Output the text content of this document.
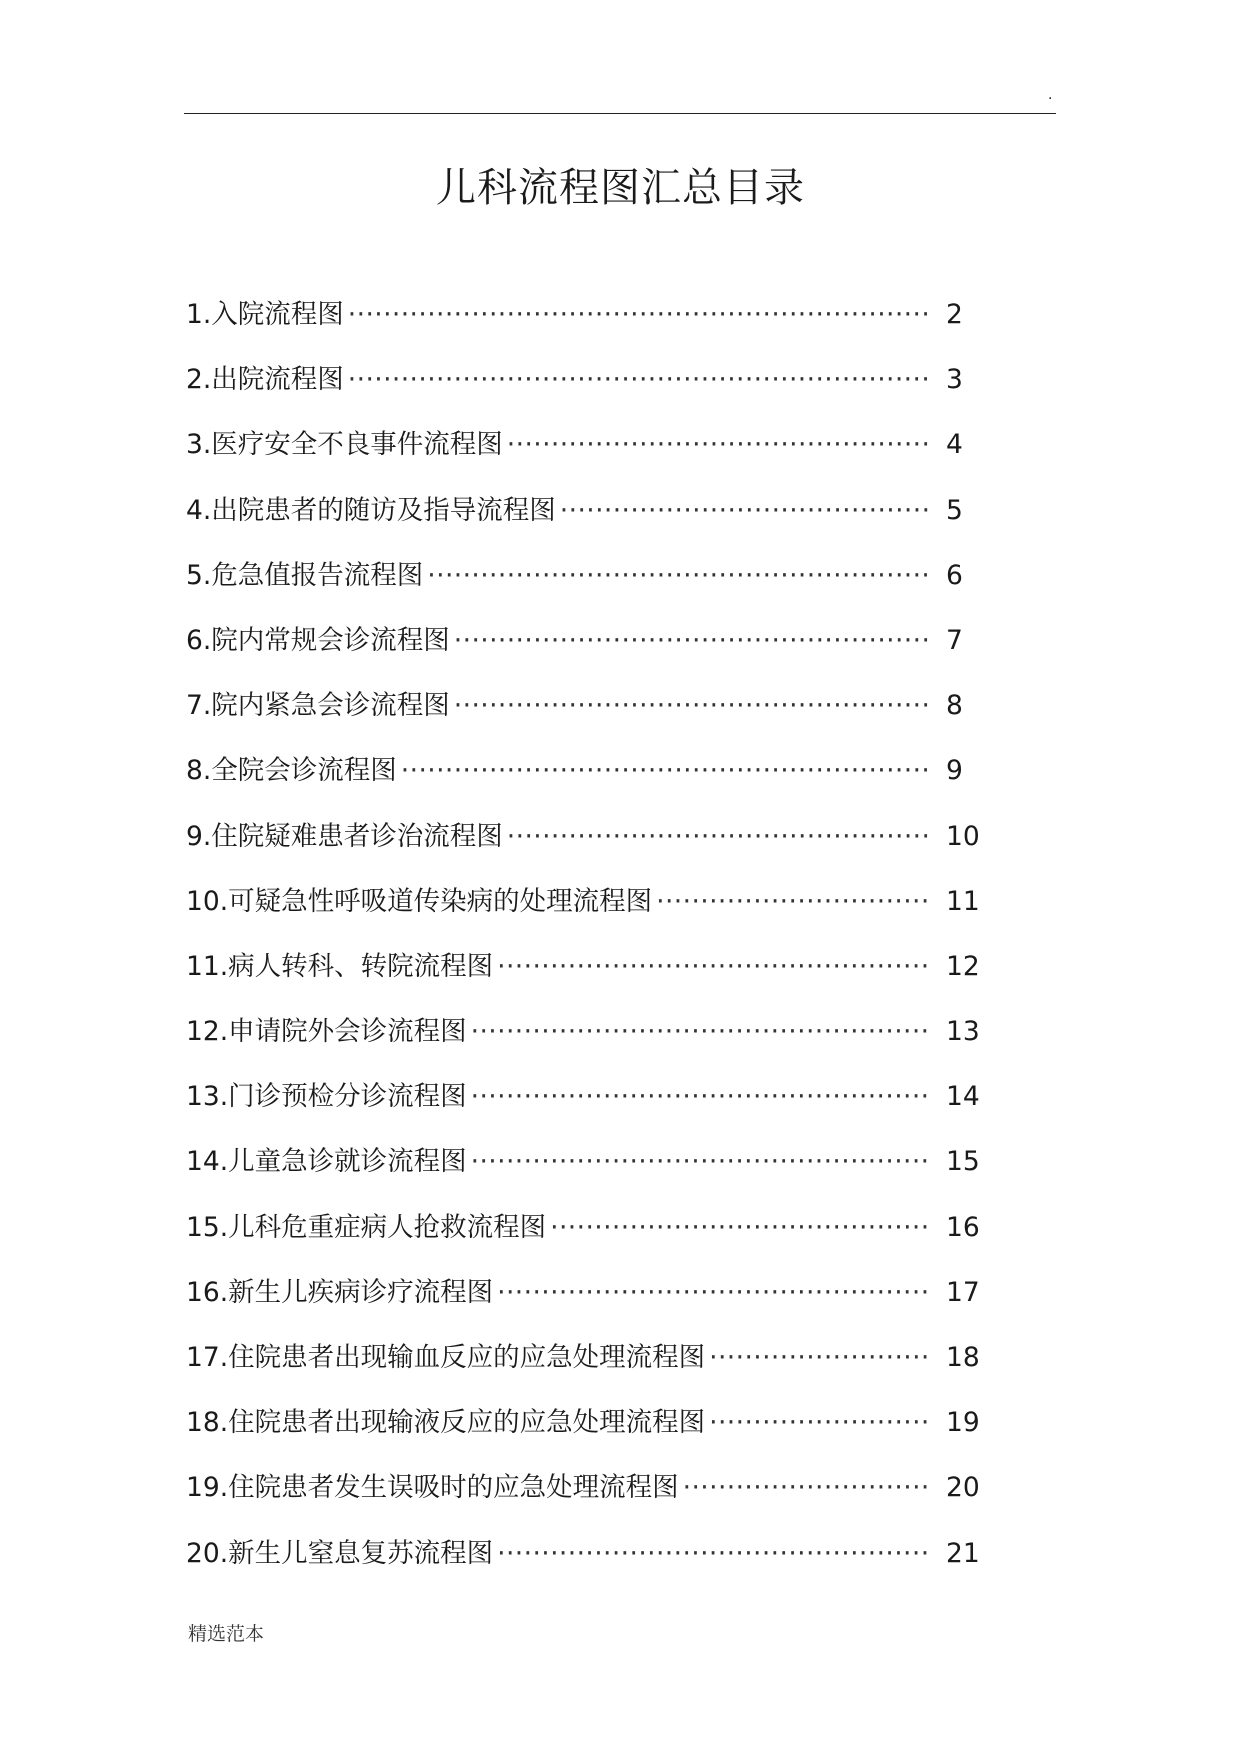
.
儿科流程图汇总目录
1.入院流程图 ·····	2
2.出院流程图 ·····	3
3.医疗安全不良事件流程图 ·····	4
4.出院患者的随访及指导流程图 ·····	5
5.危急值报告流程图 ·····	6
6.院内常规会诊流程图 ·····	7
7.院内紧急会诊流程图 ·····	8
8.全院会诊流程图 ·····	9
9.住院疑难患者诊治流程图 ·····	10
10.可疑急性呼吸道传染病的处理流程图 ·····	11
11.病人转科、转院流程图 ·····	12
12.申请院外会诊流程图 ·····	13
13.门诊预检分诊流程图 ·····	14
14.儿童急诊就诊流程图 ·····	15
15.儿科危重症病人抢救流程图 ·····	16
16.新生儿疾病诊疗流程图 ·····	17
17.住院患者出现输血反应的应急处理流程图 ·····	18
18.住院患者出现输液反应的应急处理流程图 ·····	19
19.住院患者发生误吸时的应急处理流程图 ·····	20
20.新生儿窒息复苏流程图 ·····	21
精选范本
